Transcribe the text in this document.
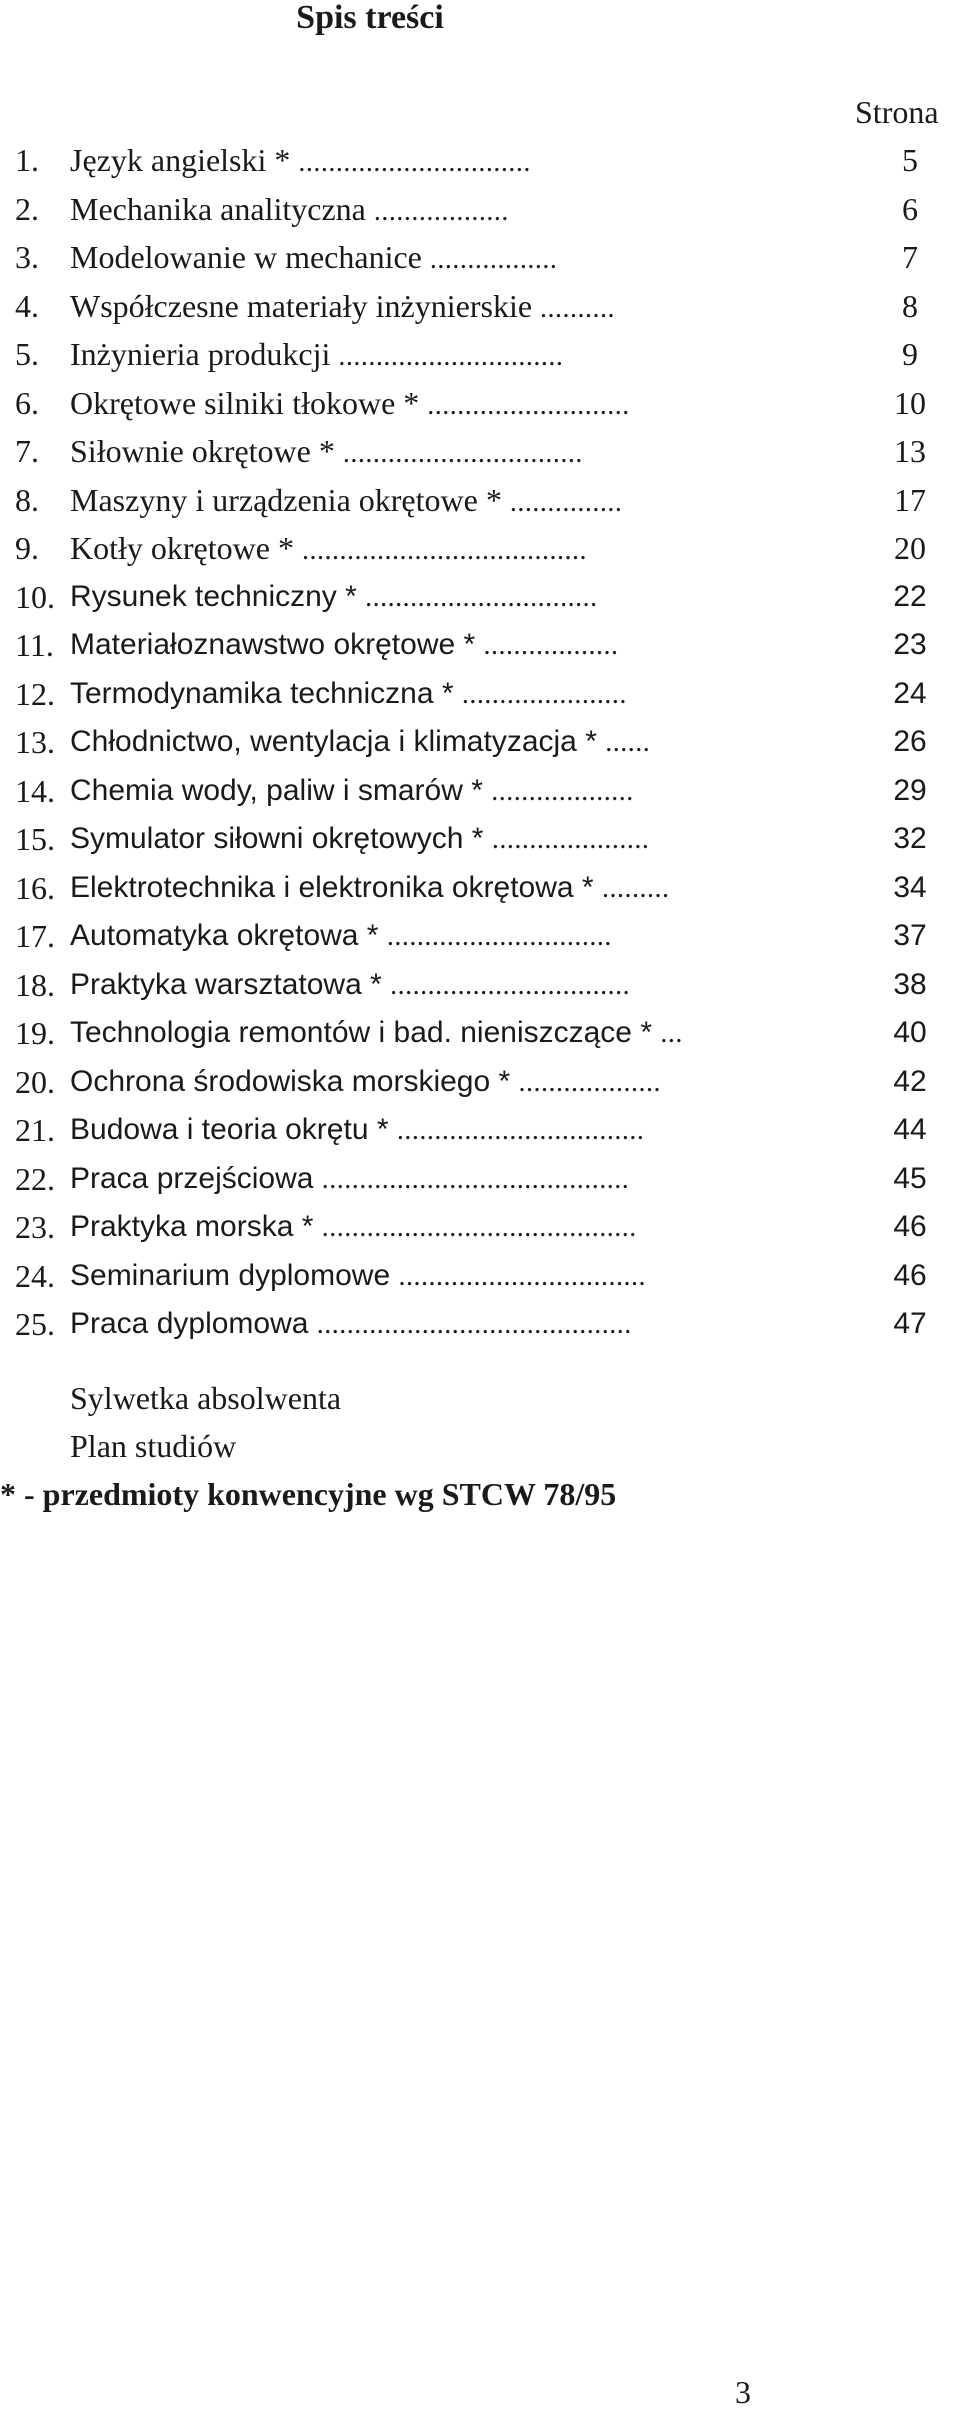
Spis treści
Strona
1. Język angielski * ...............................	5
2. Mechanika analityczna ..................	6
3. Modelowanie w mechanice .................	7
4. Współczesne materiały inżynierskie ..........	8
5. Inżynieria produkcji ..............................	9
6. Okrętowe silniki tłokowe * ...........................	10
7. Siłownie okrętowe * ................................	13
8. Maszyny i urządzenia okrętowe * ...............	17
9. Kotły okrętowe * ......................................	20
10. Rysunek techniczny * ...............................	22
11. Materiałoznawstwo okrętowe * ..................	23
12. Termodynamika techniczna * ......................	24
13. Chłodnictwo, wentylacja i klimatyzacja * ......	26
14. Chemia wody, paliw i smarów * ...................	29
15. Symulator siłowni okrętowych * .....................	32
16. Elektrotechnika i elektronika okrętowa * .........	34
17. Automatyka okrętowa * ..............................	37
18. Praktyka warsztatowa * ................................	38
19. Technologia remontów i bad. nieniszczące * ...	40
20. Ochrona środowiska morskiego * ...................	42
21. Budowa i teoria okrętu * .................................	44
22. Praca przejściowa .........................................	45
23. Praktyka morska * ..........................................	46
24. Seminarium dyplomowe .................................	46
25. Praca dyplomowa ..........................................	47
Sylwetka absolwenta
Plan studiów
* - przedmioty konwencyjne wg STCW 78/95
3
